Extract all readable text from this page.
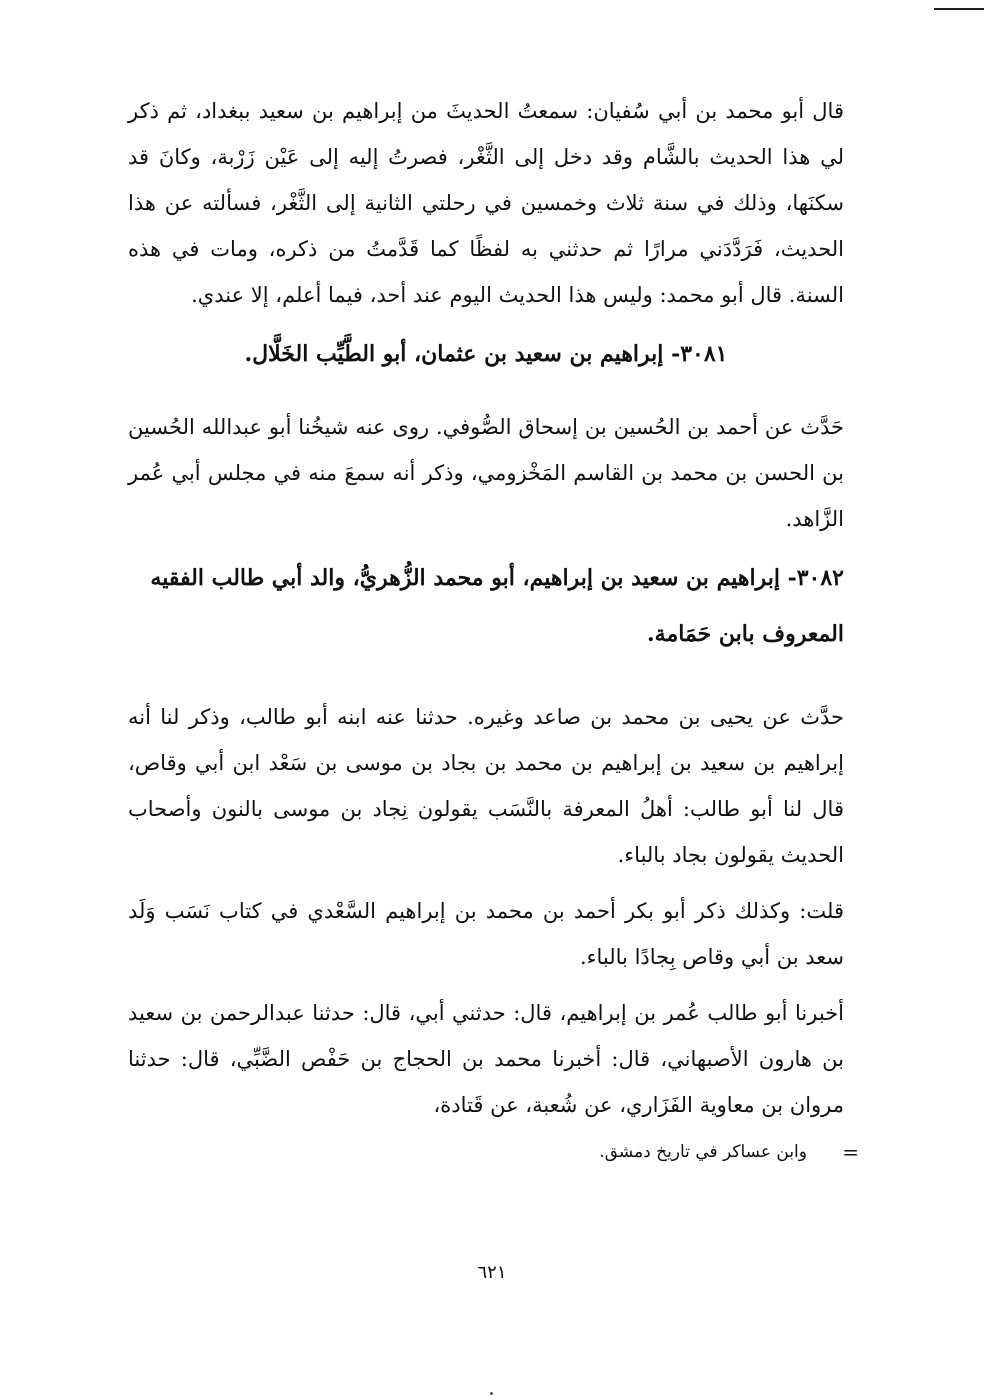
قال أبو محمد بن أبي سُفيان: سمعتُ الحديثَ من إبراهيم بن سعيد ببغداد، ثم ذكر لي هذا الحديث بالشَّام وقد دخل إلى الثَّغْر، فصرتُ إليه إلى عَيْن زَرْبة، وكانَ قد سكنَها، وذلك في سنة ثلاث وخمسين في رحلتي الثانية إلى الثَّغْر، فسألته عن هذا الحديث، فَرَدَّدَني مرارًا ثم حدثني به لفظًا كما قَدَّمتُ من ذكره، ومات في هذه السنة. قال أبو محمد: وليس هذا الحديث اليوم عند أحد، فيما أعلم، إلا عندي.

٣٠٨١- إبراهيم بن سعيد بن عثمان، أبو الطَّيِّب الخَلَّال.

حَدَّث عن أحمد بن الحُسين بن إسحاق الصُّوفي. روى عنه شيخُنا أبو عبدالله الحُسين بن الحسن بن محمد بن القاسم المَخْزومي، وذكر أنه سمعَ منه في مجلس أبي عُمر الزَّاهد.

٣٠٨٢- إبراهيم بن سعيد بن إبراهيم، أبو محمد الزُّهريُّ، والد أبي طالب الفقيه المعروف بابن حَمَامة.

حدَّث عن يحيى بن محمد بن صاعد وغيره. حدثنا عنه ابنه أبو طالب، وذكر لنا أنه إبراهيم بن سعيد بن إبراهيم بن محمد بن بجاد بن موسى بن سَعْد ابن أبي وقاص، قال لنا أبو طالب: أهلُ المعرفة بالنَّسَب يقولون نِجاد بن موسى بالنون وأصحاب الحديث يقولون بجاد بالباء.

قلت: وكذلك ذكر أبو بكر أحمد بن محمد بن إبراهيم السَّعْدي في كتاب نَسَب وَلَد سعد بن أبي وقاص بِجادًا بالباء.

أخبرنا أبو طالب عُمر بن إبراهيم، قال: حدثني أبي، قال: حدثنا عبدالرحمن بن سعيد بن هارون الأصبهاني، قال: أخبرنا محمد بن الحجاج بن حَفْص الضَّبِّي، قال: حدثنا مروان بن معاوية الفَزَاري، عن شُعبة، عن قَتادة،

=
وابن عساكر في تاريخ دمشق.
٦٢١
